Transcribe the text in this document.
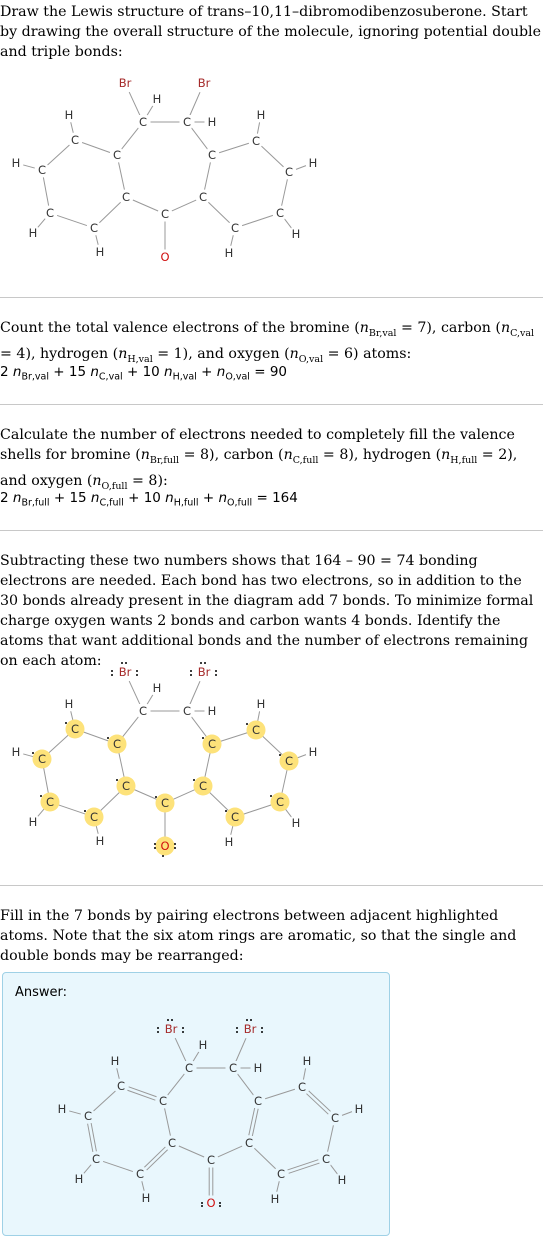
Draw the Lewis structure of trans–10,11–dibromodibenzosuberone. Start by drawing the overall structure of the molecule, ignoring potential double and triple bonds:

Br	Br
H
C	C H
H
C
C
H C
C
H	C
H
C
C
O
C
C
C
H
C
H
C
H
C
H

Count the total valence electrons of the bromine $(n_{Br,val} = 7)$, carbon $(n_{C,val} = 4)$, hydrogen $(n_{H,val} = 1)$, and oxygen $(n_{O,val} = 6)$ atoms:

2 $n_{Br,val} + 15$ $n_{C,val} + 10$ $n_{H,val} + n_{O,val} = 90$

Calculate the number of electrons needed to completely fill the valence shells for bromine $(n_{Br,full} = 8)$, carbon $(n_{C,full} = 8)$, hydrogen $(n_{H,full} = 2)$, and oxygen $(n_{O,full} = 8)$:

2 $n_{Br,full} + 15$ $n_{C,full} + 10$ $n_{H,full} + n_{O,full} = 164$

Subtracting these two numbers shows that 164 – 90 = 74 bonding electrons are needed. Each bond has two electrons, so in addition to the 30 bonds already present in the diagram add 7 bonds. To minimize formal charge oxygen wants 2 bonds and carbon wants 4 bonds. Identify the atoms that want additional bonds and the number of electrons remaining on each atom:

Br	Br
H
C	C H
H
C
C
H C
C
H	C
H
C
C
O
C
C
C
H
C
H
C
H
C
H

Fill in the 7 bonds by pairing electrons between adjacent highlighted atoms. Note that the six atom rings are aromatic, so that the single and double bonds may be rearranged:

Answer:
Br	Br
H
C	C H
H
C
C
H C
C
H	C
H
C
C
O
C
C
C
H
C
H
C
H
C
H
